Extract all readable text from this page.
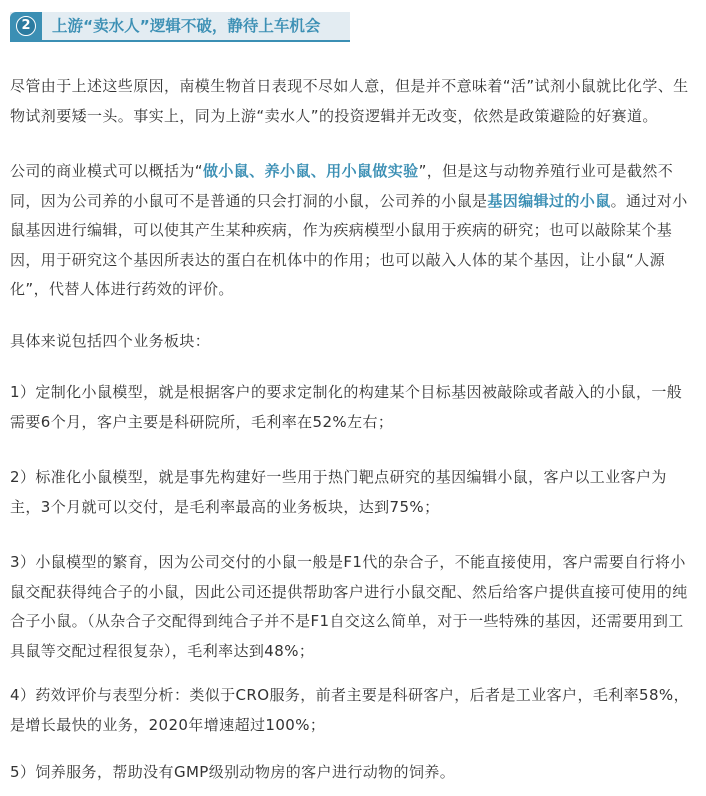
2	上游“卖水人”逻辑不破，静待上车机会

尽管由于上述这些原因，南模生物首日表现不尽如人意，但是并不意味着“活”试剂小鼠就比化学、生物试剂要矮一头。事实上，同为上游“卖水人”的投资逻辑并无改变，依然是政策避险的好赛道。

公司的商业模式可以概括为“做小鼠、养小鼠、用小鼠做实验”，但是这与动物养殖行业可是截然不同，因为公司养的小鼠可不是普通的只会打洞的小鼠，公司养的小鼠是基因编辑过的小鼠。通过对小鼠基因进行编辑，可以使其产生某种疾病，作为疾病模型小鼠用于疾病的研究；也可以敲除某个基因，用于研究这个基因所表达的蛋白在机体中的作用；也可以敲入人体的某个基因，让小鼠“人源化”，代替人体进行药效的评价。

具体来说包括四个业务板块：

1）定制化小鼠模型，就是根据客户的要求定制化的构建某个目标基因被敲除或者敲入的小鼠，一般需要6个月，客户主要是科研院所，毛利率在52%左右；

2）标准化小鼠模型，就是事先构建好一些用于热门靶点研究的基因编辑小鼠，客户以工业客户为主，3个月就可以交付，是毛利率最高的业务板块，达到75%；

3）小鼠模型的繁育，因为公司交付的小鼠一般是F1代的杂合子，不能直接使用，客户需要自行将小鼠交配获得纯合子的小鼠，因此公司还提供帮助客户进行小鼠交配、然后给客户提供直接可使用的纯合子小鼠。（从杂合子交配得到纯合子并不是F1自交这么简单，对于一些特殊的基因，还需要用到工具鼠等交配过程很复杂），毛利率达到48%；

4）药效评价与表型分析：类似于CRO服务，前者主要是科研客户，后者是工业客户，毛利率58%，是增长最快的业务，2020年增速超过100%；

5）饲养服务，帮助没有GMP级别动物房的客户进行动物的饲养。
